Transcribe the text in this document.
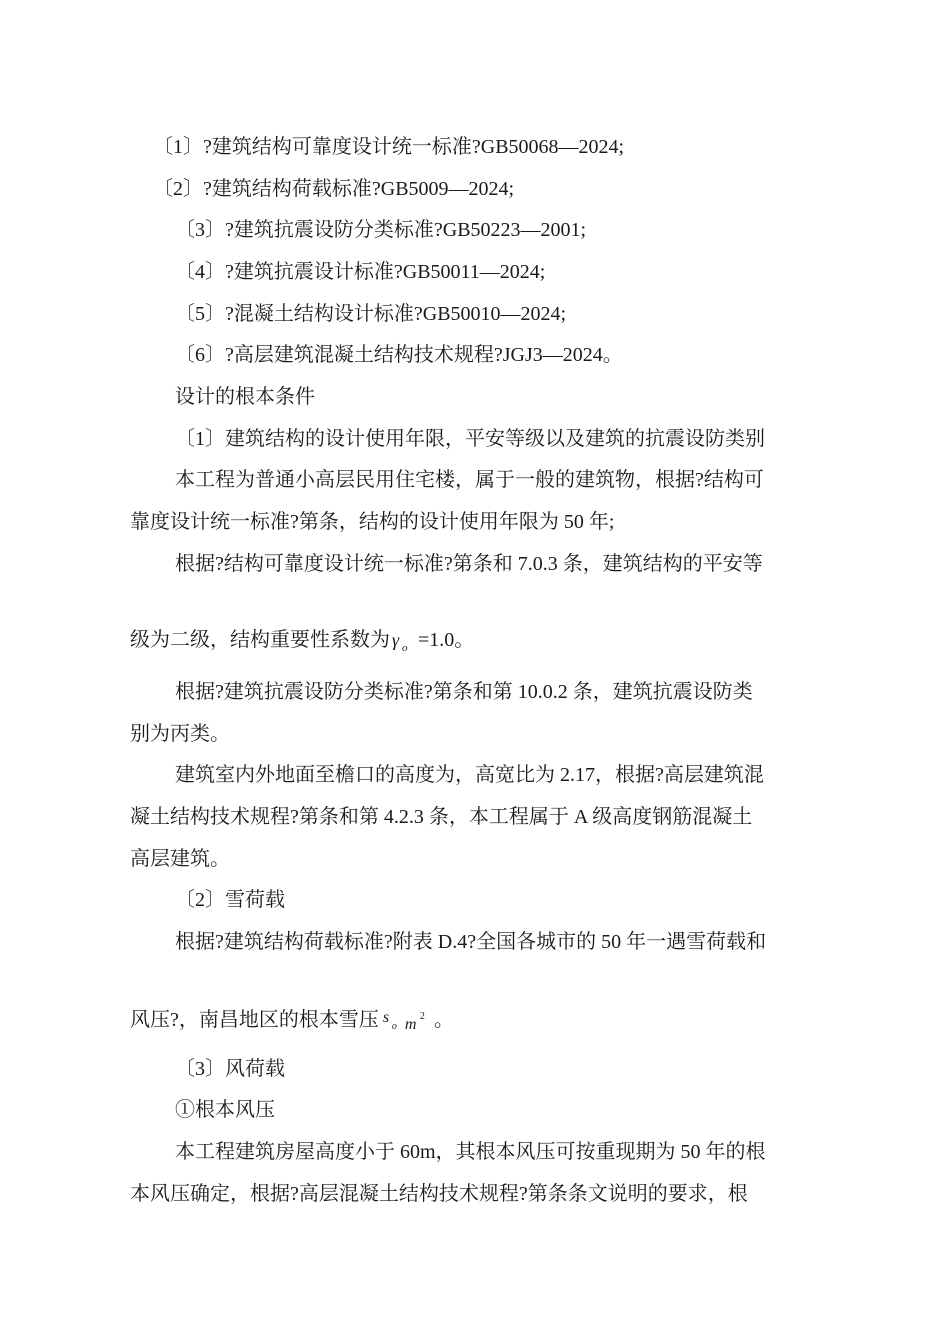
〔1〕?建筑结构可靠度设计统一标准?GB50068—2024;
〔2〕?建筑结构荷载标准?GB5009—2024;
〔3〕?建筑抗震设防分类标准?GB50223—2001;
〔4〕?建筑抗震设计标准?GB50011—2024;
〔5〕?混凝土结构设计标准?GB50010—2024;
〔6〕?高层建筑混凝土结构技术规程?JGJ3—2024。
设计的根本条件
〔1〕建筑结构的设计使用年限，平安等级以及建筑的抗震设防类别
本工程为普通小高层民用住宅楼，属于一般的建筑物，根据?结构可
靠度设计统一标准?第条，结构的设计使用年限为 50 年;
根据?结构可靠度设计统一标准?第条和 7.0.3 条，建筑结构的平安等
级为二级，结构重要性系数为 γ o =1.0。
根据?建筑抗震设防分类标准?第条和第 10.0.2 条，建筑抗震设防类
别为丙类。
建筑室内外地面至檐口的高度为，高宽比为 2.17，根据?高层建筑混
凝土结构技术规程?第条和第 4.2.3 条，本工程属于 A 级高度钢筋混凝土
高层建筑。
〔2〕雪荷载
根据?建筑结构荷载标准?附表 D.4?全国各城市的 50 年一遇雪荷载和
风压?，南昌地区的根本雪压 s
o m 2 。
〔3〕风荷载
①根本风压
本工程建筑房屋高度小于 60m，其根本风压可按重现期为 50 年的根
本风压确定，根据?高层混凝土结构技术规程?第条条文说明的要求，根
